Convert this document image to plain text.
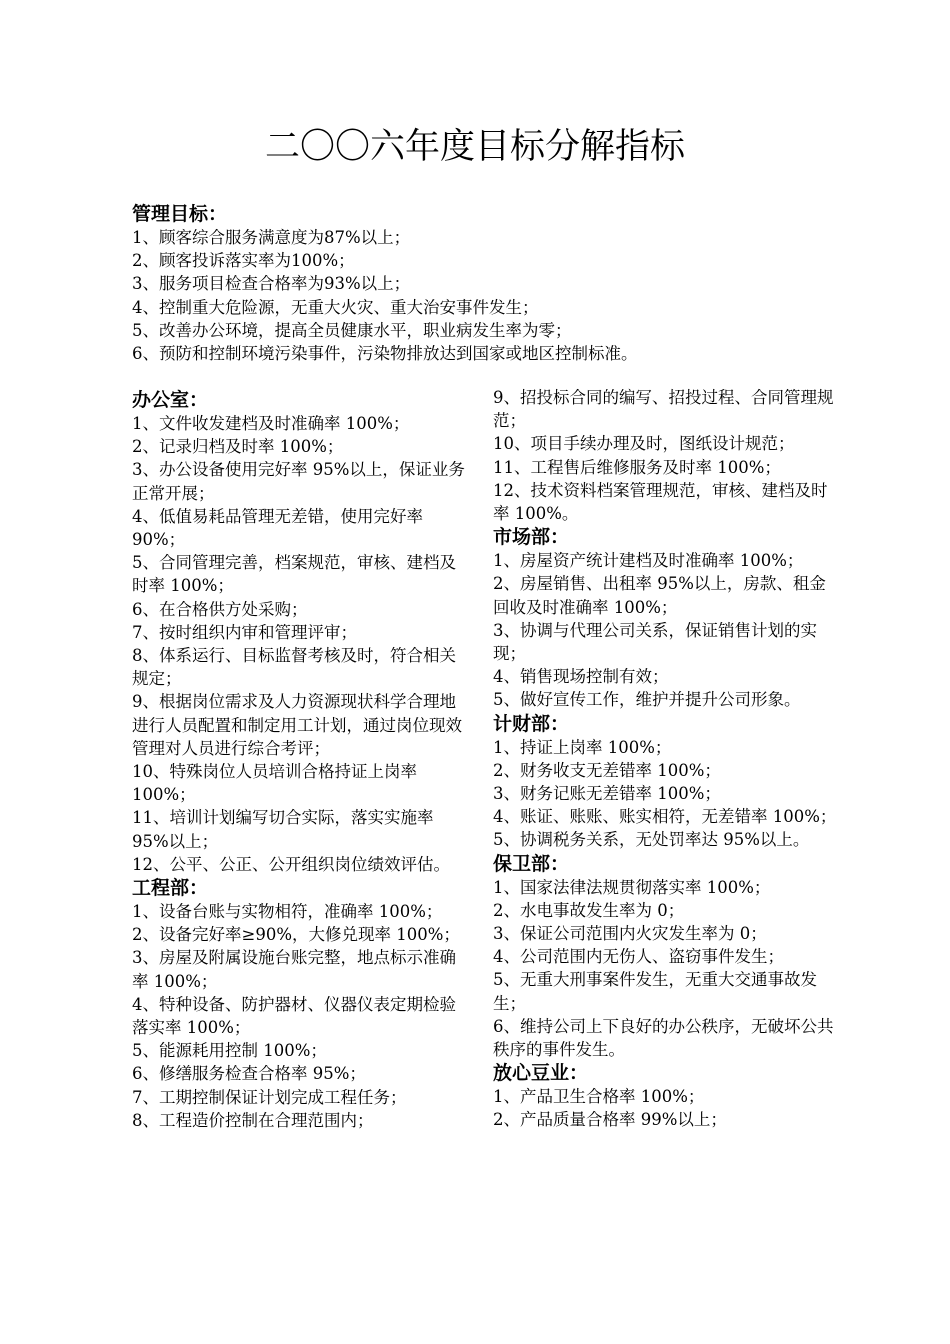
二〇〇六年度目标分解指标
管理目标：
1、顾客综合服务满意度为87%以上；
2、顾客投诉落实率为100%；
3、服务项目检查合格率为93%以上；
4、控制重大危险源，无重大火灾、重大治安事件发生；
5、改善办公环境，提高全员健康水平，职业病发生率为零；
6、预防和控制环境污染事件，污染物排放达到国家或地区控制标准。
办公室：
1、文件收发建档及时准确率 100%；
2、记录归档及时率 100%；
3、办公设备使用完好率 95%以上，保证业务正常开展；
4、低值易耗品管理无差错，使用完好率 90%；
5、合同管理完善，档案规范，审核、建档及时率 100%；
6、在合格供方处采购；
7、按时组织内审和管理评审；
8、体系运行、目标监督考核及时，符合相关规定；
9、根据岗位需求及人力资源现状科学合理地进行人员配置和制定用工计划，通过岗位现效管理对人员进行综合考评；
10、特殊岗位人员培训合格持证上岗率 100%；
11、培训计划编写切合实际，落实实施率 95%以上；
12、公平、公正、公开组织岗位绩效评估。
工程部：
1、设备台账与实物相符，准确率 100%；
2、设备完好率≥90%，大修兑现率 100%；
3、房屋及附属设施台账完整，地点标示准确率 100%；
4、特种设备、防护器材、仪器仪表定期检验落实率 100%；
5、能源耗用控制 100%；
6、修缮服务检查合格率 95%；
7、工期控制保证计划完成工程任务；
8、工程造价控制在合理范围内；
9、招投标合同的编写、招投过程、合同管理规范；
10、项目手续办理及时，图纸设计规范；
11、工程售后维修服务及时率 100%；
12、技术资料档案管理规范，审核、建档及时率 100%。
市场部：
1、房屋资产统计建档及时准确率 100%；
2、房屋销售、出租率 95%以上，房款、租金回收及时准确率 100%；
3、协调与代理公司关系，保证销售计划的实现；
4、销售现场控制有效；
5、做好宣传工作，维护并提升公司形象。
计财部：
1、持证上岗率 100%；
2、财务收支无差错率 100%；
3、财务记账无差错率 100%；
4、账证、账账、账实相符，无差错率 100%；
5、协调税务关系，无处罚率达 95%以上。
保卫部：
1、国家法律法规贯彻落实率 100%；
2、水电事故发生率为 0；
3、保证公司范围内火灾发生率为 0；
4、公司范围内无伤人、盗窃事件发生；
5、无重大刑事案件发生，无重大交通事故发生；
6、维持公司上下良好的办公秩序，无破坏公共秩序的事件发生。
放心豆业：
1、产品卫生合格率 100%；
2、产品质量合格率 99%以上；
